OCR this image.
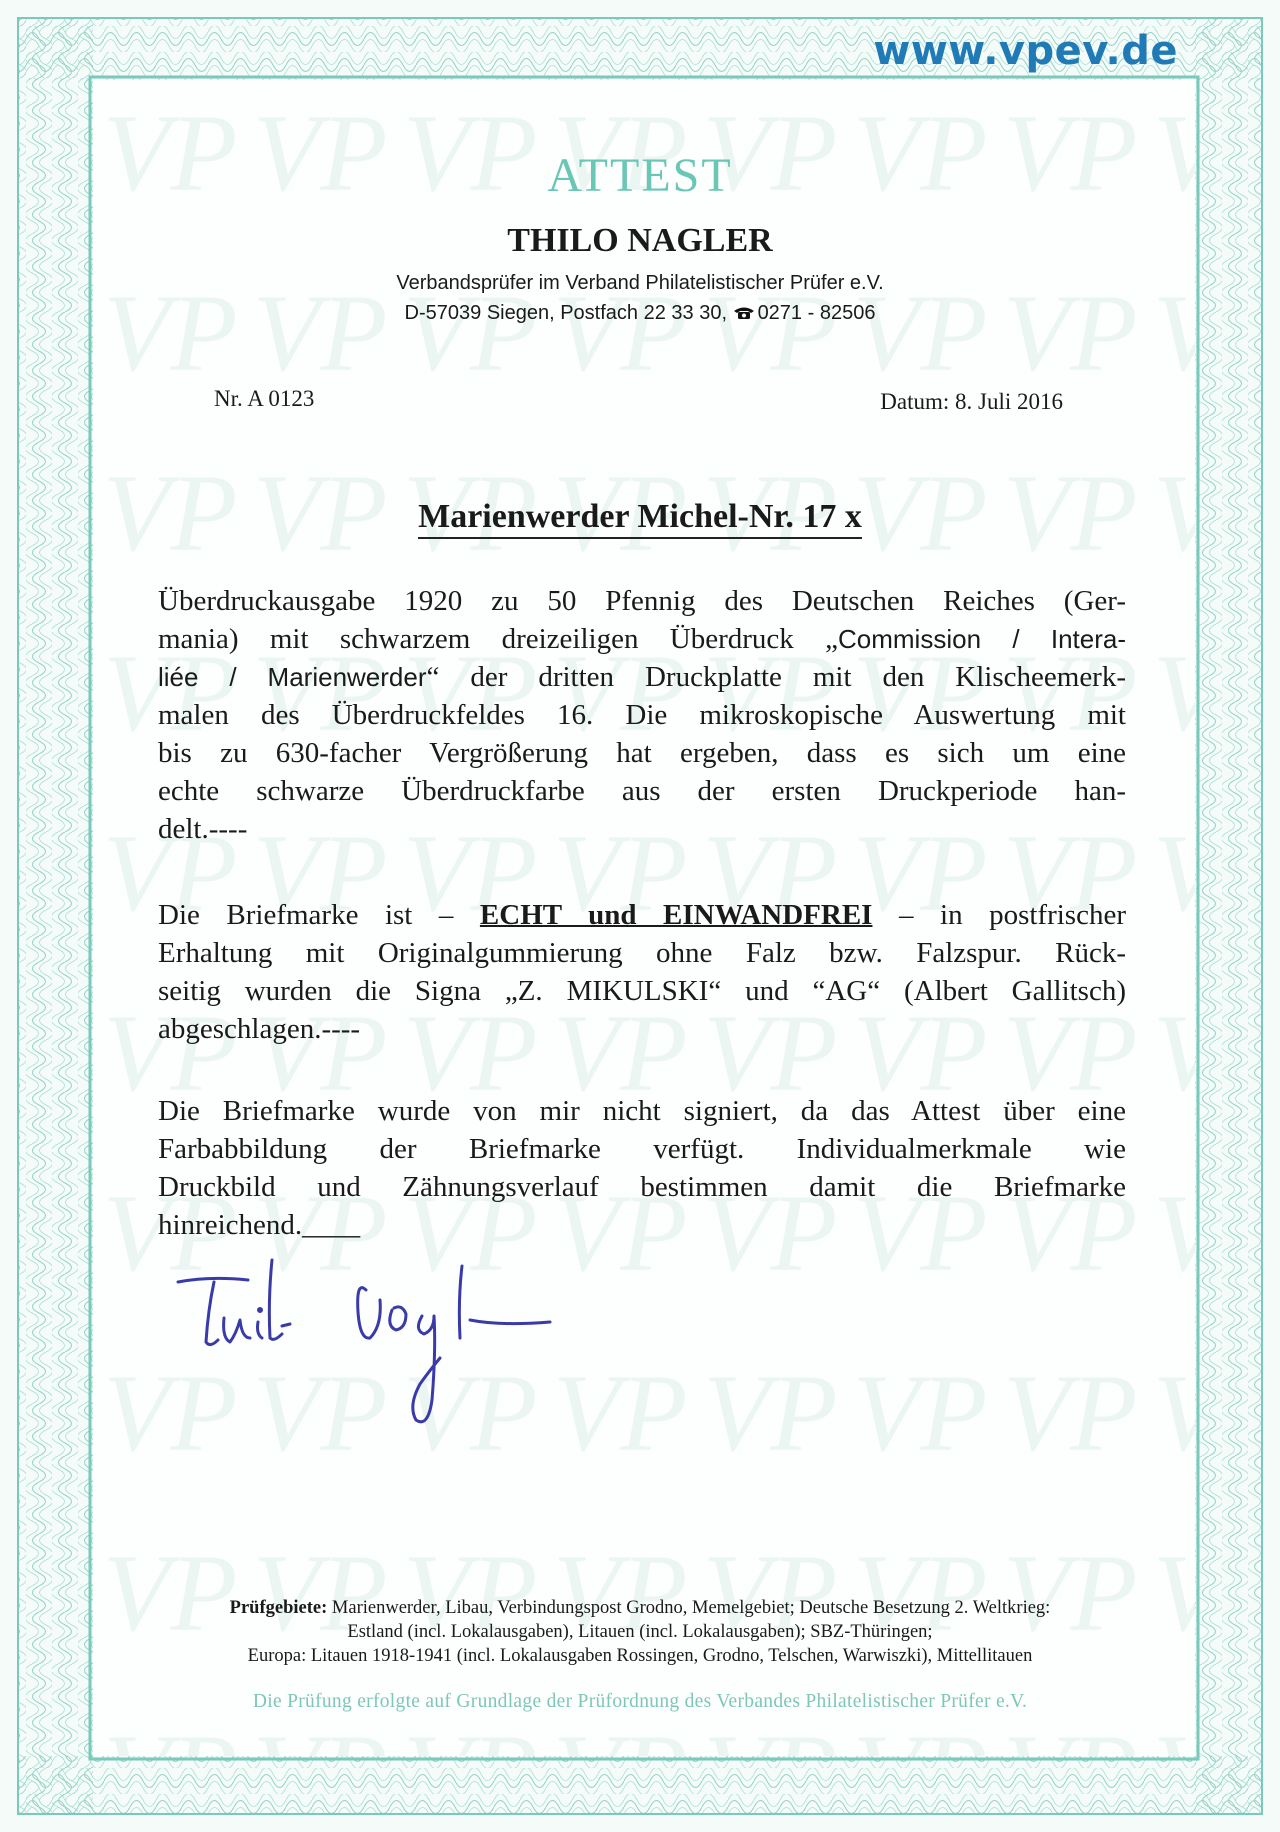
www.vpev.de
ATTEST
THILO NAGLER
Verbandsprüfer im Verband Philatelistischer Prüfer e.V.
D-57039 Siegen, Postfach 22 33 30, 0271 - 82506
Nr. A 0123	Datum: 8. Juli 2016
Marienwerder Michel-Nr. 17 x
Überdruckausgabe 1920 zu 50 Pfennig des Deutschen Reiches (Ger-
mania) mit schwarzem dreizeiligen Überdruck „Commission / Intera-
liée / Marienwerder“ der dritten Druckplatte mit den Klischeemerk-
malen des Überdruckfeldes 16. Die mikroskopische Auswertung mit
bis zu 630-facher Vergrößerung hat ergeben, dass es sich um eine
echte schwarze Überdruckfarbe aus der ersten Druckperiode han-
delt.----
Die Briefmarke ist – ECHT und EINWANDFREI – in postfrischer
Erhaltung mit Originalgummierung ohne Falz bzw. Falzspur. Rück-
seitig wurden die Signa „Z. MIKULSKI“ und “AG“ (Albert Gallitsch)
abgeschlagen.----
Die Briefmarke wurde von mir nicht signiert, da das Attest über eine
Farbabbildung der Briefmarke verfügt. Individualmerkmale wie
Druckbild und Zähnungsverlauf bestimmen damit die Briefmarke
hinreichend.____
Prüfgebiete: Marienwerder, Libau, Verbindungspost Grodno, Memelgebiet; Deutsche Besetzung 2. Weltkrieg:
Estland (incl. Lokalausgaben), Litauen (incl. Lokalausgaben); SBZ-Thüringen;
Europa: Litauen 1918-1941 (incl. Lokalausgaben Rossingen, Grodno, Telschen, Warwiszki), Mittellitauen
Die Prüfung erfolgte auf Grundlage der Prüfordnung des Verbandes Philatelistischer Prüfer e.V.
